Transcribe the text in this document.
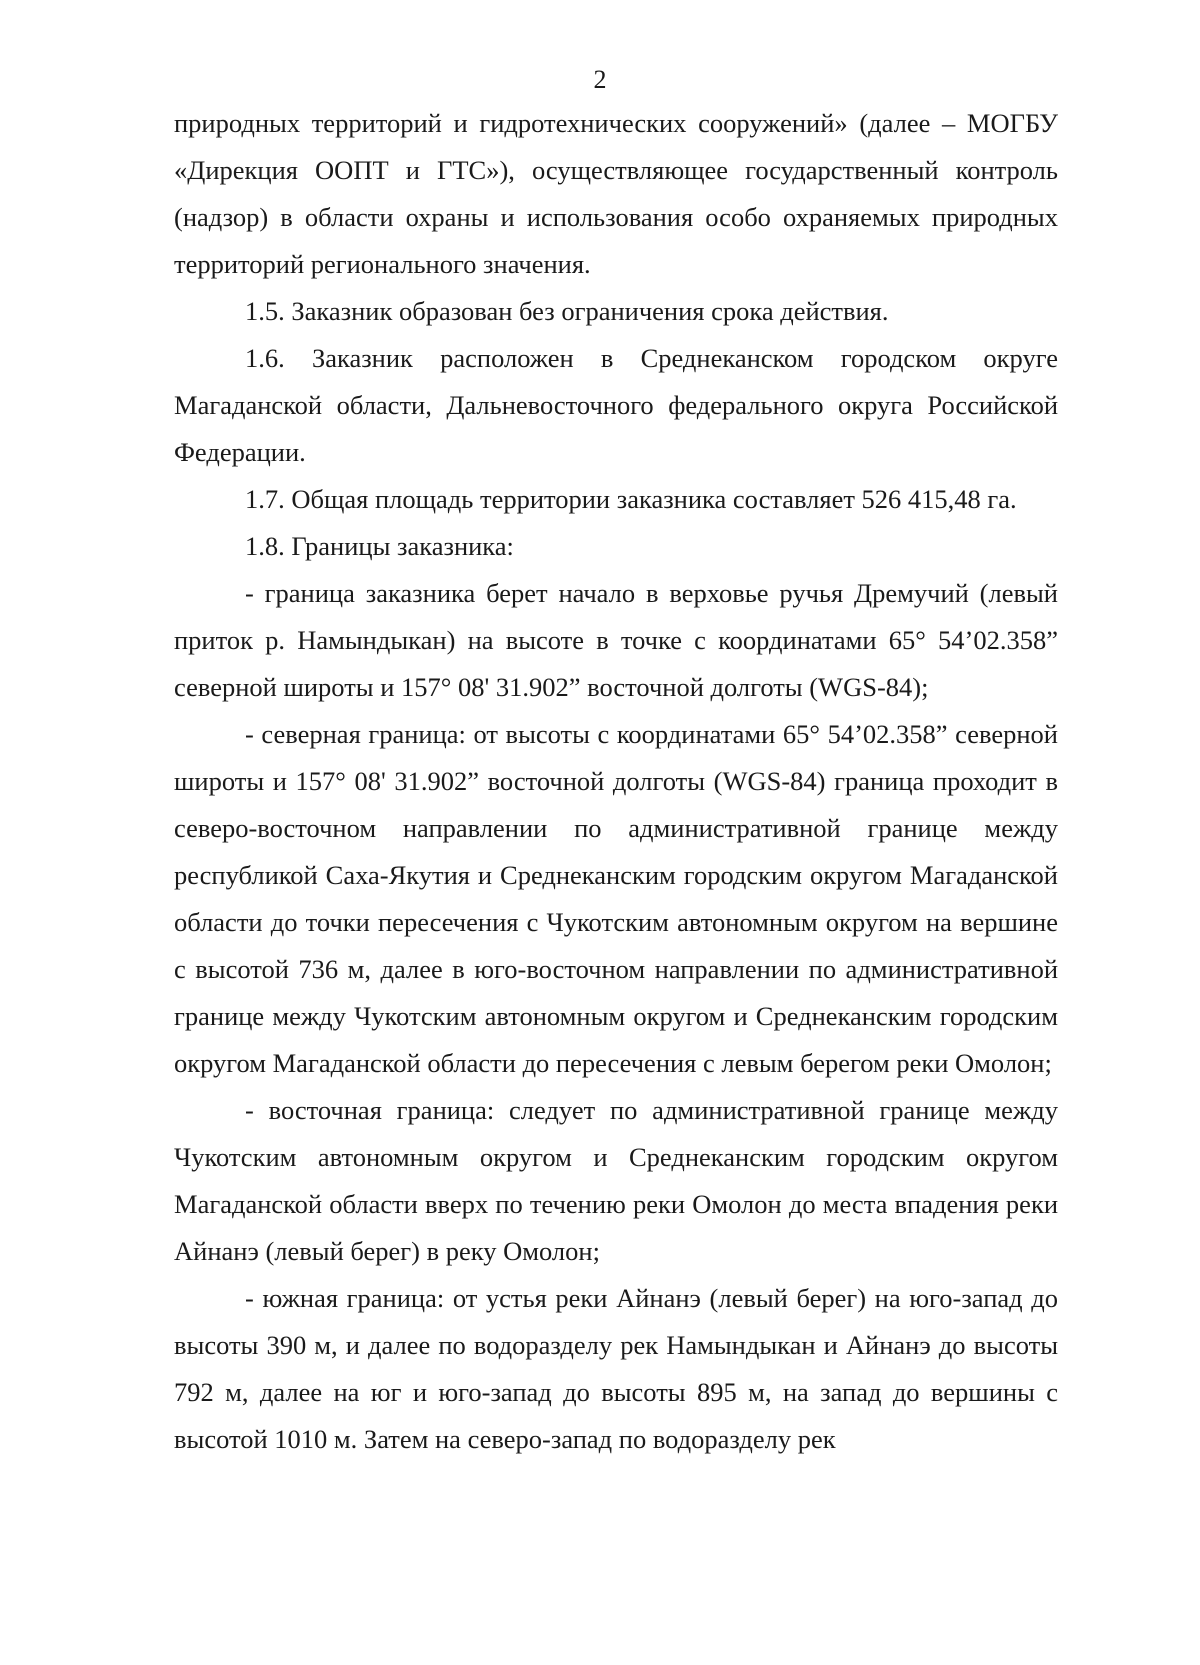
2

природных территорий и гидротехнических сооружений» (далее – МОГБУ «Дирекция ООПТ и ГТС»), осуществляющее государственный контроль (надзор) в области охраны и использования особо охраняемых природных территорий регионального значения.

1.5. Заказник образован без ограничения срока действия.

1.6. Заказник расположен в Среднеканском городском округе Магаданской области, Дальневосточного федерального округа Российской Федерации.

1.7. Общая площадь территории заказника составляет 526 415,48 га.

1.8. Границы заказника:

- граница заказника берет начало в верховье ручья Дремучий (левый приток р. Намындыкан) на высоте в точке с координатами 65° 54’02.358” северной широты и 157° 08' 31.902” восточной долготы (WGS-84);

- северная граница: от высоты с координатами 65° 54’02.358” северной широты и 157° 08' 31.902” восточной долготы (WGS-84) граница проходит в северо-восточном направлении по административной границе между республикой Саха-Якутия и Среднеканским городским округом Магаданской области до точки пересечения с Чукотским автономным округом на вершине с высотой 736 м, далее в юго-восточном направлении по административной границе между Чукотским автономным округом и Среднеканским городским округом Магаданской области до пересечения с левым берегом реки Омолон;

- восточная граница: следует по административной границе между Чукотским автономным округом и Среднеканским городским округом Магаданской области вверх по течению реки Омолон до места впадения реки Айнанэ (левый берег) в реку Омолон;

- южная граница: от устья реки Айнанэ (левый берег) на юго-запад до высоты 390 м, и далее по водоразделу рек Намындыкан и Айнанэ до высоты 792 м, далее на юг и юго-запад до высоты 895 м, на запад до вершины с высотой 1010 м. Затем на северо-запад по водоразделу рек
